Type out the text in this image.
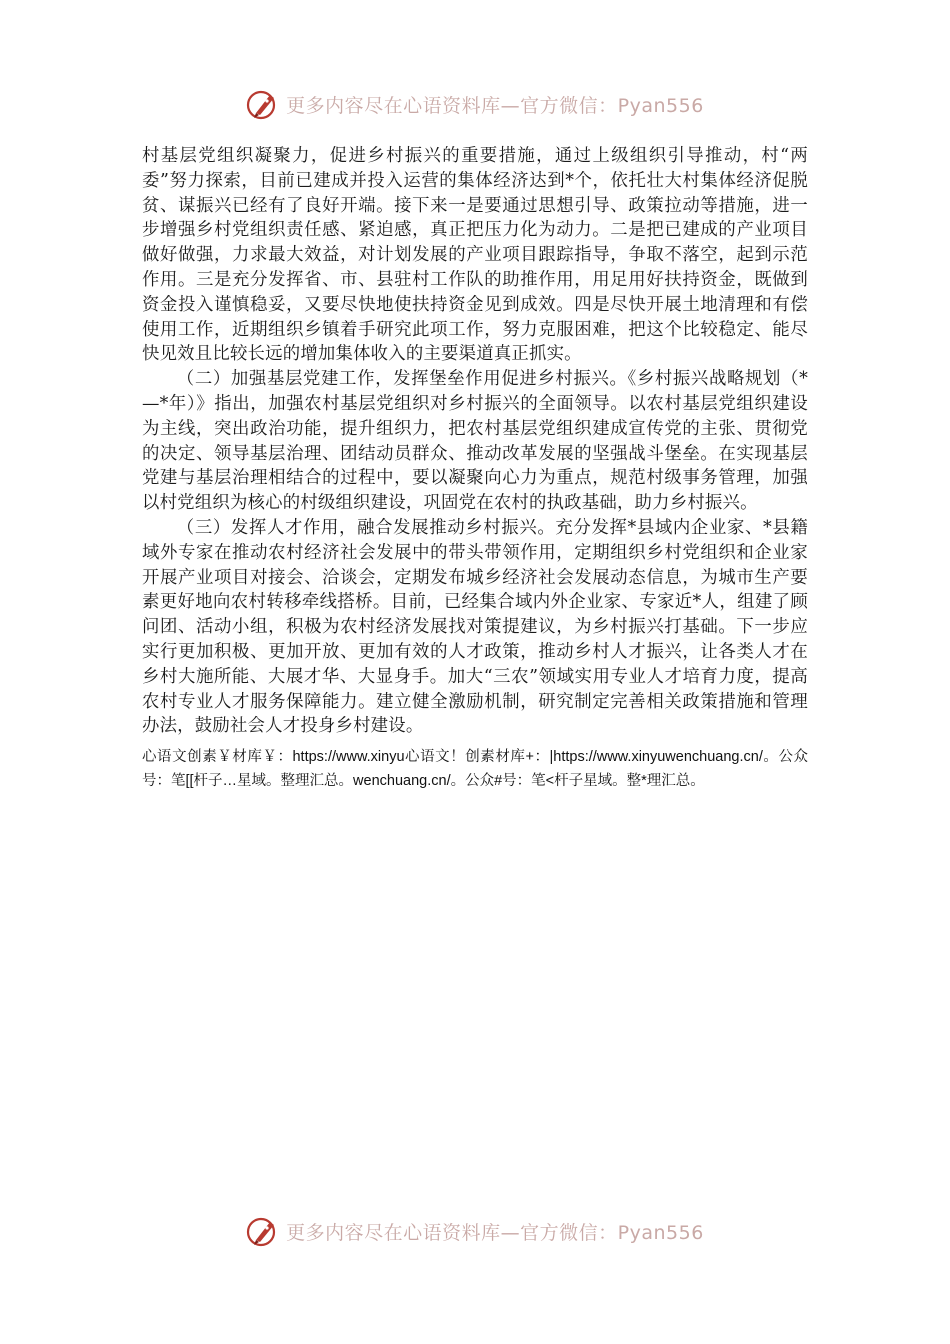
更多内容尽在心语资料库—官方微信：Pyan556

村基层党组织凝聚力，促进乡村振兴的重要措施，通过上级组织引导推动，村“两委”努力探索，目前已建成并投入运营的集体经济达到*个，依托壮大村集体经济促脱贫、谋振兴已经有了良好开端。接下来一是要通过思想引导、政策拉动等措施，进一步增强乡村党组织责任感、紧迫感，真正把压力化为动力。二是把已建成的产业项目做好做强，力求最大效益，对计划发展的产业项目跟踪指导，争取不落空，起到示范作用。三是充分发挥省、市、县驻村工作队的助推作用，用足用好扶持资金，既做到资金投入谨慎稳妥，又要尽快地使扶持资金见到成效。四是尽快开展土地清理和有偿使用工作，近期组织乡镇着手研究此项工作，努力克服困难，把这个比较稳定、能尽快见效且比较长远的增加集体收入的主要渠道真正抓实。

（二）加强基层党建工作，发挥堡垒作用促进乡村振兴。《乡村振兴战略规划（*—*年）》指出，加强农村基层党组织对乡村振兴的全面领导。以农村基层党组织建设为主线，突出政治功能，提升组织力，把农村基层党组织建成宣传党的主张、贯彻党的决定、领导基层治理、团结动员群众、推动改革发展的坚强战斗堡垒。在实现基层党建与基层治理相结合的过程中，要以凝聚向心力为重点，规范村级事务管理，加强以村党组织为核心的村级组织建设，巩固党在农村的执政基础，助力乡村振兴。

（三）发挥人才作用，融合发展推动乡村振兴。充分发挥*县域内企业家、*县籍域外专家在推动农村经济社会发展中的带头带领作用，定期组织乡村党组织和企业家开展产业项目对接会、洽谈会，定期发布城乡经济社会发展动态信息，为城市生产要素更好地向农村转移牵线搭桥。目前，已经集合域内外企业家、专家近*人，组建了顾问团、活动小组，积极为农村经济发展找对策提建议，为乡村振兴打基础。下一步应实行更加积极、更加开放、更加有效的人才政策，推动乡村人才振兴，让各类人才在乡村大施所能、大展才华、大显身手。加大“三农”领域实用专业人才培育力度，提高农村专业人才服务保障能力。建立健全激励机制，研究制定完善相关政策措施和管理办法，鼓励社会人才投身乡村建设。

心语文创素￥材库￥：https://www.xinyu心语文！创素材库+：|https://www.xinyuwenchuang.cn/。公众号：笔[[杆子…星域。整理汇总。wenchuang.cn/。公众#号：笔<杆子星域。整*理汇总。

更多内容尽在心语资料库—官方微信：Pyan556
